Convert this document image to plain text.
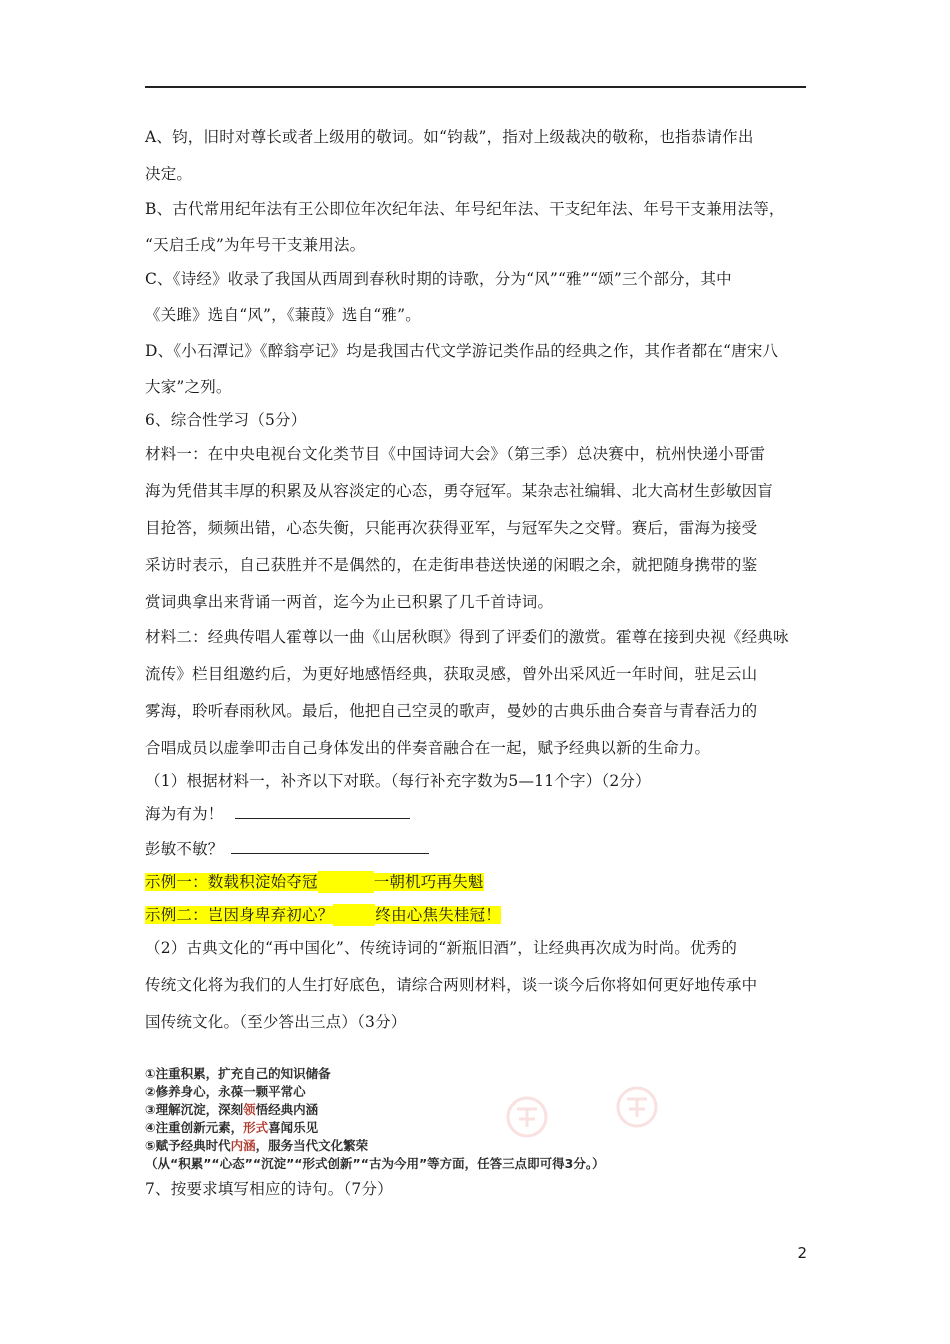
A、钧，旧时对尊长或者上级用的敬词。如“钧裁”，指对上级裁决的敬称，也指恭请作出
决定。
B、古代常用纪年法有王公即位年次纪年法、年号纪年法、干支纪年法、年号干支兼用法等，
“天启壬戌”为年号干支兼用法。
C、《诗经》收录了我国从西周到春秋时期的诗歌，分为“风”“雅”“颂”三个部分，其中
《关雎》选自“风”，《蒹葭》选自“雅”。
D、《小石潭记》《醉翁亭记》均是我国古代文学游记类作品的经典之作，其作者都在“唐宋八
大家”之列。
6、综合性学习（5分）
材料一：在中央电视台文化类节目《中国诗词大会》（第三季）总决赛中，杭州快递小哥雷
海为凭借其丰厚的积累及从容淡定的心态，勇夺冠军。某杂志社编辑、北大高材生彭敏因盲
目抢答，频频出错，心态失衡，只能再次获得亚军，与冠军失之交臂。赛后，雷海为接受
采访时表示，自己获胜并不是偶然的，在走街串巷送快递的闲暇之余，就把随身携带的鉴
赏词典拿出来背诵一两首，迄今为止已积累了几千首诗词。
材料二：经典传唱人霍尊以一曲《山居秋暝》得到了评委们的激赏。霍尊在接到央视《经典咏
流传》栏目组邀约后，为更好地感悟经典，获取灵感，曾外出采风近一年时间，驻足云山
雾海，聆听春雨秋风。最后，他把自己空灵的歌声，曼妙的古典乐曲合奏音与青春活力的
合唱成员以虚拳叩击自己身体发出的伴奏音融合在一起，赋予经典以新的生命力。
（1）根据材料一，补齐以下对联。（每行补充字数为5—11个字）（2分）
海为有为！
彭敏不敏？
示例一：数载积淀始夺冠	一朝机巧再失魁
示例二：岂因身卑弃初心？	终由心焦失桂冠！
（2）古典文化的“再中国化”、传统诗词的“新瓶旧酒”，让经典再次成为时尚。优秀的
传统文化将为我们的人生打好底色，请综合两则材料，谈一谈今后你将如何更好地传承中
国传统文化。（至少答出三点）（3分）
①注重积累，扩充自己的知识储备
②修养身心，永葆一颗平常心
③理解沉淀，深刻领悟经典内涵
④注重创新元素，形式喜闻乐见
⑤赋予经典时代内涵，服务当代文化繁荣
（从“积累”“心态”“沉淀”“形式创新”“古为今用”等方面，任答三点即可得3分。）
7、按要求填写相应的诗句。（7分）
2
